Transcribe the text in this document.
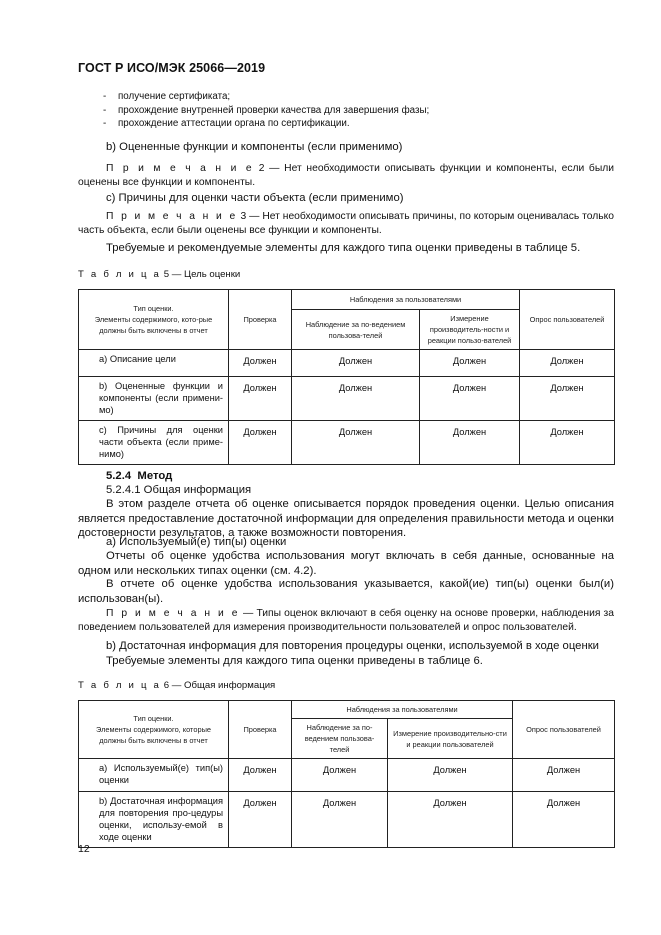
ГОСТ Р ИСО/МЭК 25066—2019
- получение сертификата;
- прохождение внутренней проверки качества для завершения фазы;
- прохождение аттестации органа по сертификации.
b) Оцененные функции и компоненты (если применимо)
П р и м е ч а н и е 2 — Нет необходимости описывать функции и компоненты, если были оценены все функции и компоненты.
c) Причины для оценки части объекта (если применимо)
П р и м е ч а н и е 3 — Нет необходимости описывать причины, по которым оценивалась только часть объекта, если были оценены все функции и компоненты.
Требуемые и рекомендуемые элементы для каждого типа оценки приведены в таблице 5.
Т а б л и ц а 5 — Цель оценки
Тип оценки.
Элементы содержимого, кото-рые должны быть включены в отчет	Проверка	Наблюдения за пользователями		Опрос пользователей
		Наблюдение за по-ведением пользова-телей	Измерение производитель-ности и реакции пользо-вателей	
a) Описание цели	Должен	Должен	Должен	Должен
b) Оцененные функции и компоненты (если примени-мо)	Должен	Должен	Должен	Должен
c) Причины для оценки части объекта (если приме-нимо)	Должен	Должен	Должен	Должен
5.2.4 Метод
5.2.4.1 Общая информация
В этом разделе отчета об оценке описывается порядок проведения оценки. Целью описания является предоставление достаточной информации для определения правильности метода и оценки достоверности результатов, а также возможности повторения.
a) Используемый(е) тип(ы) оценки
Отчеты об оценке удобства использования могут включать в себя данные, основанные на одном или нескольких типах оценки (см. 4.2).
В отчете об оценке удобства использования указывается, какой(ие) тип(ы) оценки был(и) использован(ы).
П р и м е ч а н и е — Типы оценок включают в себя оценку на основе проверки, наблюдения за поведением пользователей для измерения производительности пользователей и опрос пользователей.
b) Достаточная информация для повторения процедуры оценки, используемой в ходе оценки
Требуемые элементы для каждого типа оценки приведены в таблице 6.
Т а б л и ц а 6 — Общая информация
Тип оценки.
Элементы содержимого, которые должны быть включены в отчет	Проверка	Наблюдения за пользователями		Опрос пользователей
		Наблюдение за по-ведением пользова-телей	Измерение производительно-сти и реакции пользователей	
a) Используемый(е) тип(ы) оценки	Должен	Должен	Должен	Должен
b) Достаточная информация для повторения про-цедуры оценки, использу-емой в ходе оценки	Должен	Должен	Должен	Должен
12
